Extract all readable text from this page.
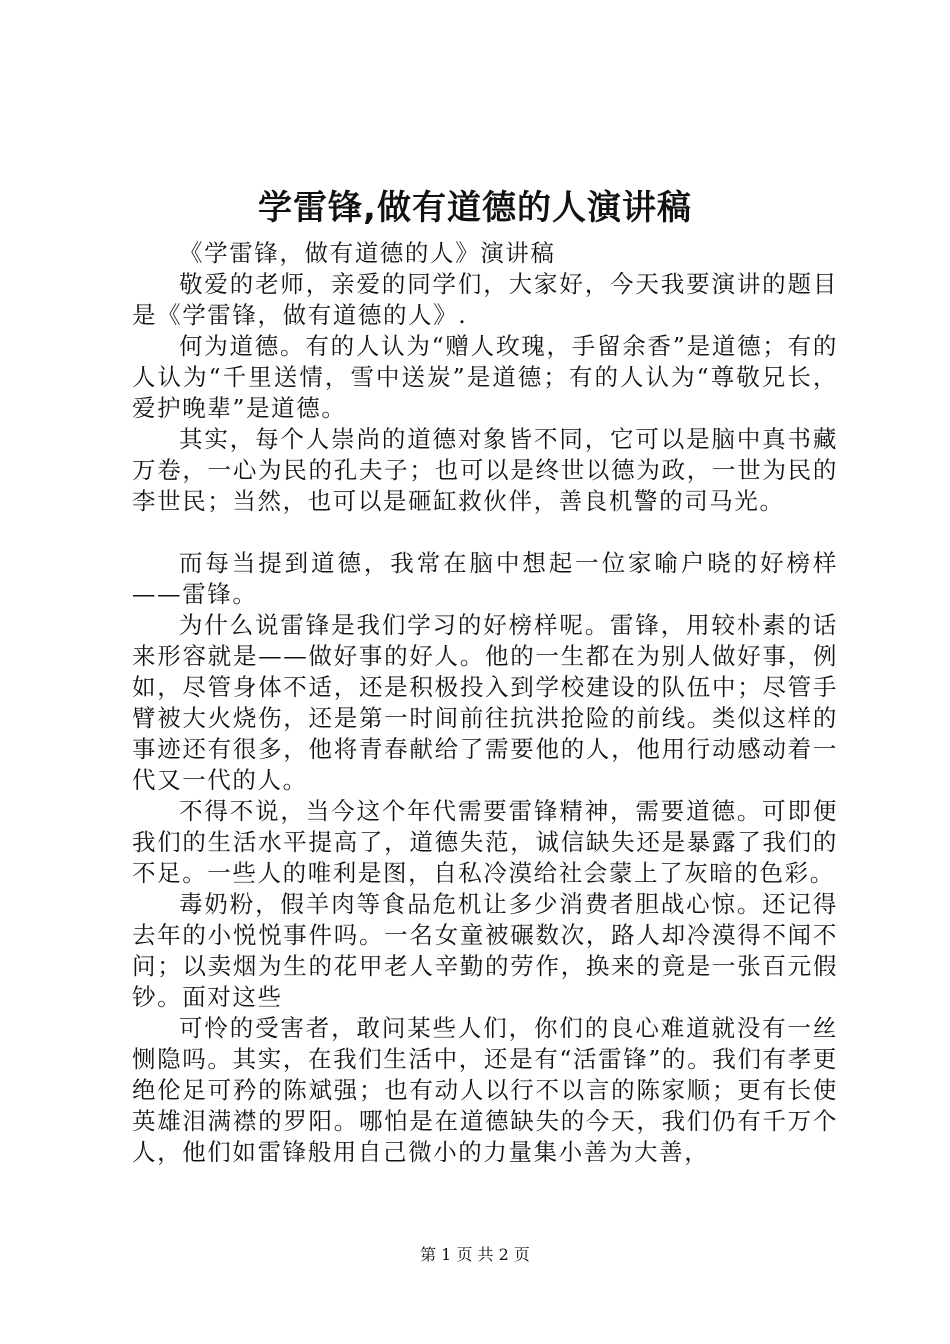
学雷锋,做有道德的人演讲稿

《学雷锋，做有道德的人》演讲稿

敬爱的老师，亲爱的同学们，大家好，今天我要演讲的题目是《学雷锋，做有道德的人》.

何为道德。有的人认为“赠人玫瑰，手留余香”是道德；有的人认为“千里送情，雪中送炭”是道德；有的人认为“尊敬兄长，爱护晚辈”是道德。

其实，每个人崇尚的道德对象皆不同，它可以是脑中真书藏万卷，一心为民的孔夫子；也可以是终世以德为政，一世为民的李世民；当然，也可以是砸缸救伙伴，善良机警的司马光。

而每当提到道德，我常在脑中想起一位家喻户晓的好榜样——雷锋。

为什么说雷锋是我们学习的好榜样呢。雷锋，用较朴素的话来形容就是——做好事的好人。他的一生都在为别人做好事，例如，尽管身体不适，还是积极投入到学校建设的队伍中；尽管手臂被大火烧伤，还是第一时间前往抗洪抢险的前线。类似这样的事迹还有很多，他将青春献给了需要他的人，他用行动感动着一代又一代的人。

不得不说，当今这个年代需要雷锋精神，需要道德。可即便我们的生活水平提高了，道德失范，诚信缺失还是暴露了我们的不足。一些人的唯利是图，自私冷漠给社会蒙上了灰暗的色彩。

毒奶粉，假羊肉等食品危机让多少消费者胆战心惊。还记得去年的小悦悦事件吗。一名女童被碾数次，路人却冷漠得不闻不问；以卖烟为生的花甲老人辛勤的劳作，换来的竟是一张百元假钞。面对这些

可怜的受害者，敢问某些人们，你们的良心难道就没有一丝恻隐吗。其实，在我们生活中，还是有“活雷锋”的。我们有孝更绝伦足可矜的陈斌强；也有动人以行不以言的陈家顺；更有长使英雄泪满襟的罗阳。哪怕是在道德缺失的今天，我们仍有千万个人，他们如雷锋般用自己微小的力量集小善为大善，

第 1 页 共 2 页
